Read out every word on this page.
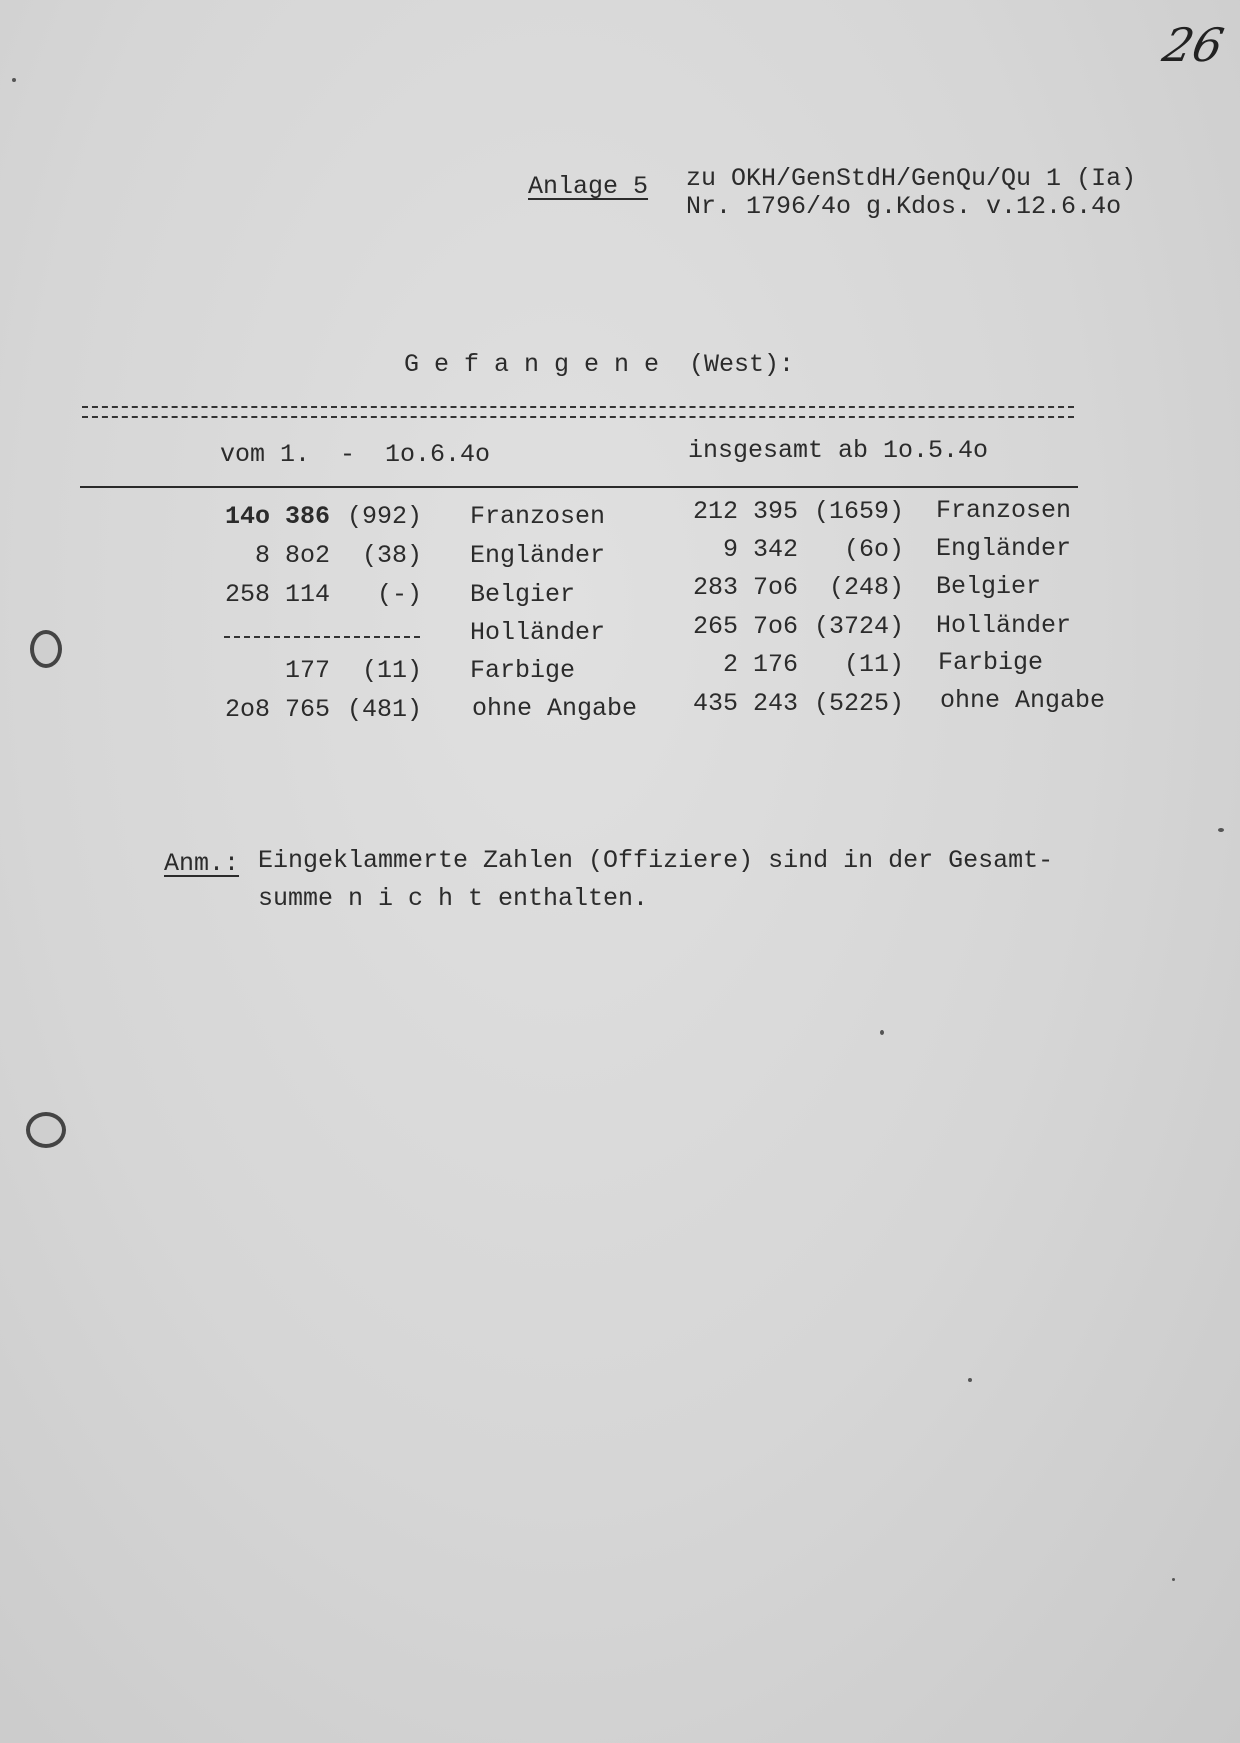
26
Anlage 5 zu OKH/GenStdH/GenQu/Qu 1 (Ia)
Nr. 1796/4o g.Kdos. v.12.6.4o
G e f a n g e n e  (West):
vom 1.  -  1o.6.4o	insgesamt ab 1o.5.4o
14o 386 (992) Franzosen	212 395 (1659) Franzosen
8 8o2 (38) Engländer	9 342 (6o) Engländer
258 114 (-) Belgier	283 7o6 (248) Belgier
Holländer	265 7o6 (3724) Holländer
177 (11) Farbige	2 176 (11) Farbige
2o8 765 (481) ohne Angabe 435 243 (5225) ohne Angabe
Anm.: Eingeklammerte Zahlen (Offiziere) sind in der Gesamt-
summe n i c h t enthalten.
